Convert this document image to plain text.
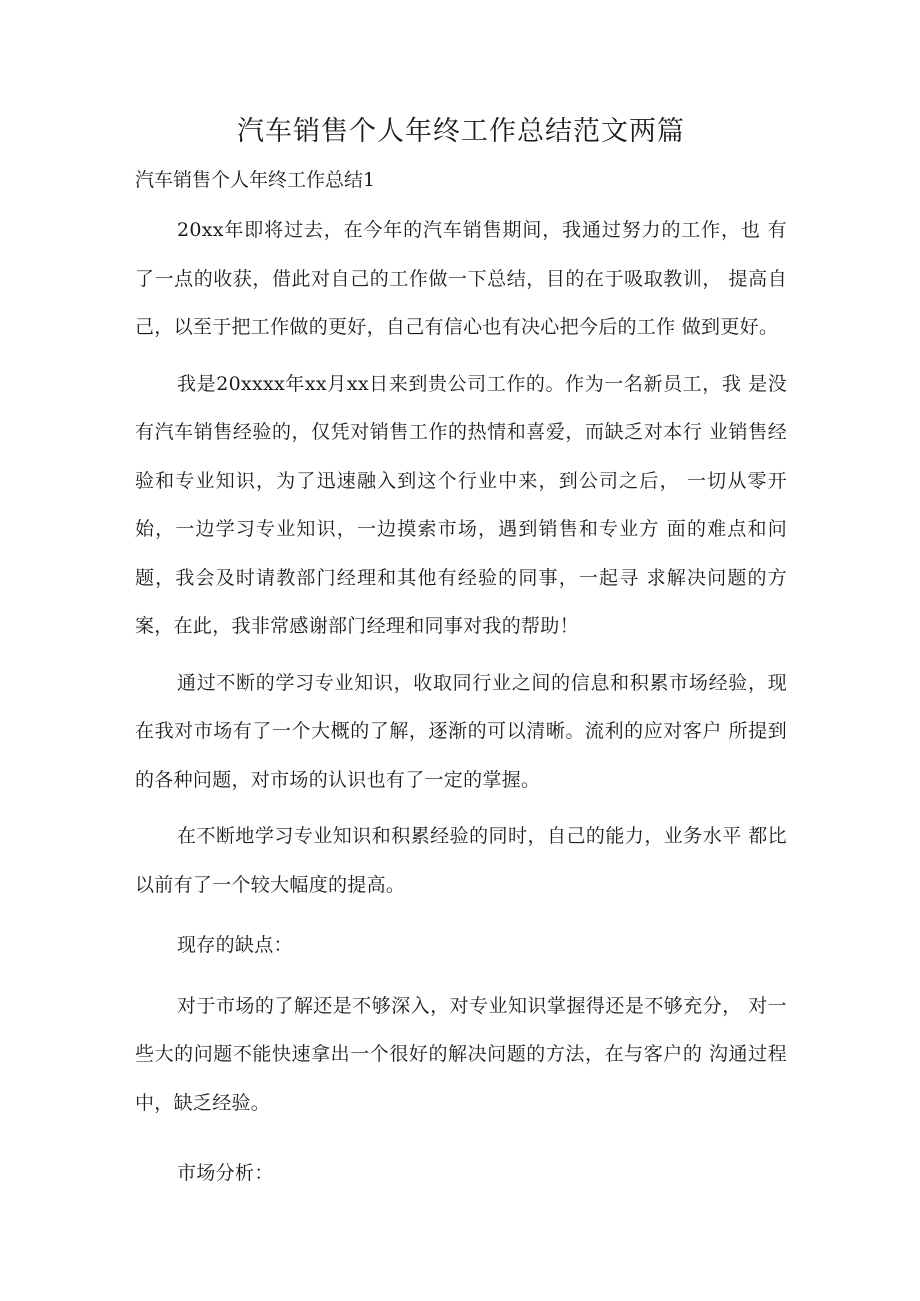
汽车销售个人年终工作总结范文两篇
汽车销售个人年终工作总结1

20xx年即将过去，在今年的汽车销售期间，我通过努力的工作，也 有了一点的收获，借此对自己的工作做一下总结，目的在于吸取教训， 提高自己，以至于把工作做的更好，自己有信心也有决心把今后的工作 做到更好。

我是20xxxx年xx月xx日来到贵公司工作的。作为一名新员工，我 是没有汽车销售经验的，仅凭对销售工作的热情和喜爱，而缺乏对本行 业销售经验和专业知识，为了迅速融入到这个行业中来，到公司之后， 一切从零开始，一边学习专业知识，一边摸索市场，遇到销售和专业方 面的难点和问题，我会及时请教部门经理和其他有经验的同事，一起寻 求解决问题的方案，在此，我非常感谢部门经理和同事对我的帮助！

通过不断的学习专业知识，收取同行业之间的信息和积累市场经验，现在我对市场有了一个大概的了解，逐渐的可以清晰。流利的应对客户 所提到的各种问题，对市场的认识也有了一定的掌握。

在不断地学习专业知识和积累经验的同时，自己的能力，业务水平 都比以前有了一个较大幅度的提高。

现存的缺点：

对于市场的了解还是不够深入，对专业知识掌握得还是不够充分， 对一些大的问题不能快速拿出一个很好的解决问题的方法，在与客户的 沟通过程中，缺乏经验。

市场分析：
